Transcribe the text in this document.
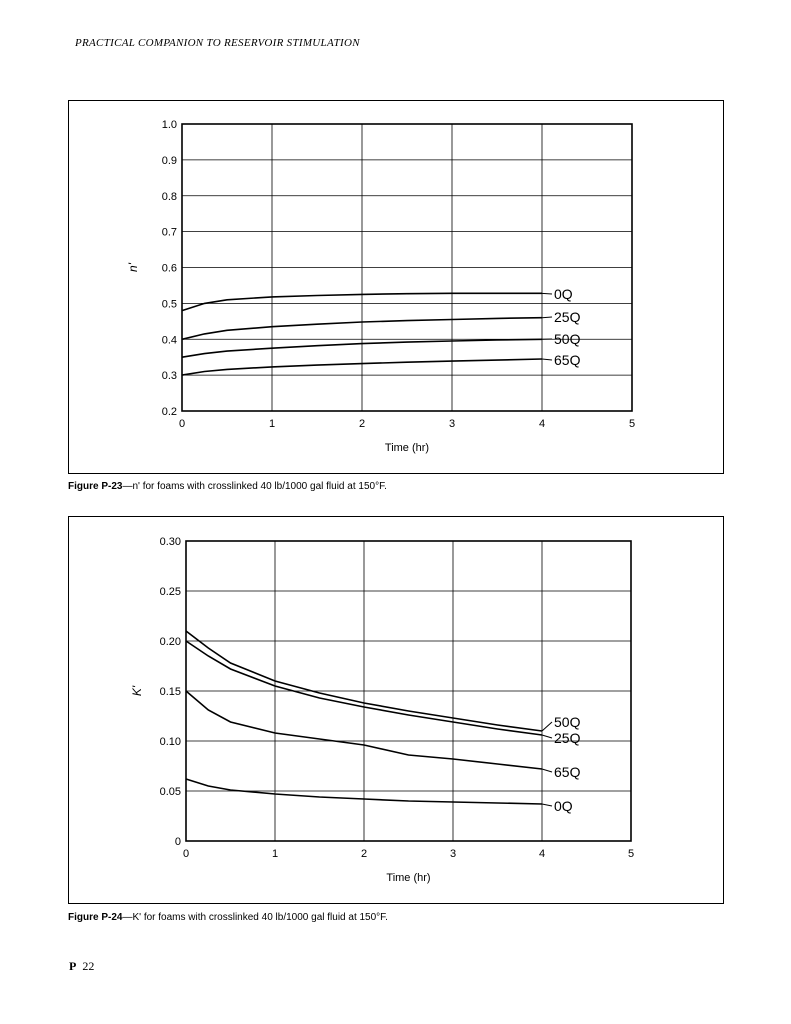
PRACTICAL COMPANION TO RESERVOIR STIMULATION
0	1	2	3	4	5
0.2
0.3
0.4
0.5
0.6
0.7
0.8
0.9
1.0
Time (hr)
n'
0Q
25Q
50Q
65Q
Figure P-23—n' for foams with crosslinked 40 lb/1000 gal fluid at 150°F.
0	1	2	3	4	5
0
0.05
0.10
0.15
0.20
0.25
0.30
Time (hr)
K'
50Q
25Q
65Q
0Q
Figure P-24—K' for foams with crosslinked 40 lb/1000 gal fluid at 150°F.
P 22
